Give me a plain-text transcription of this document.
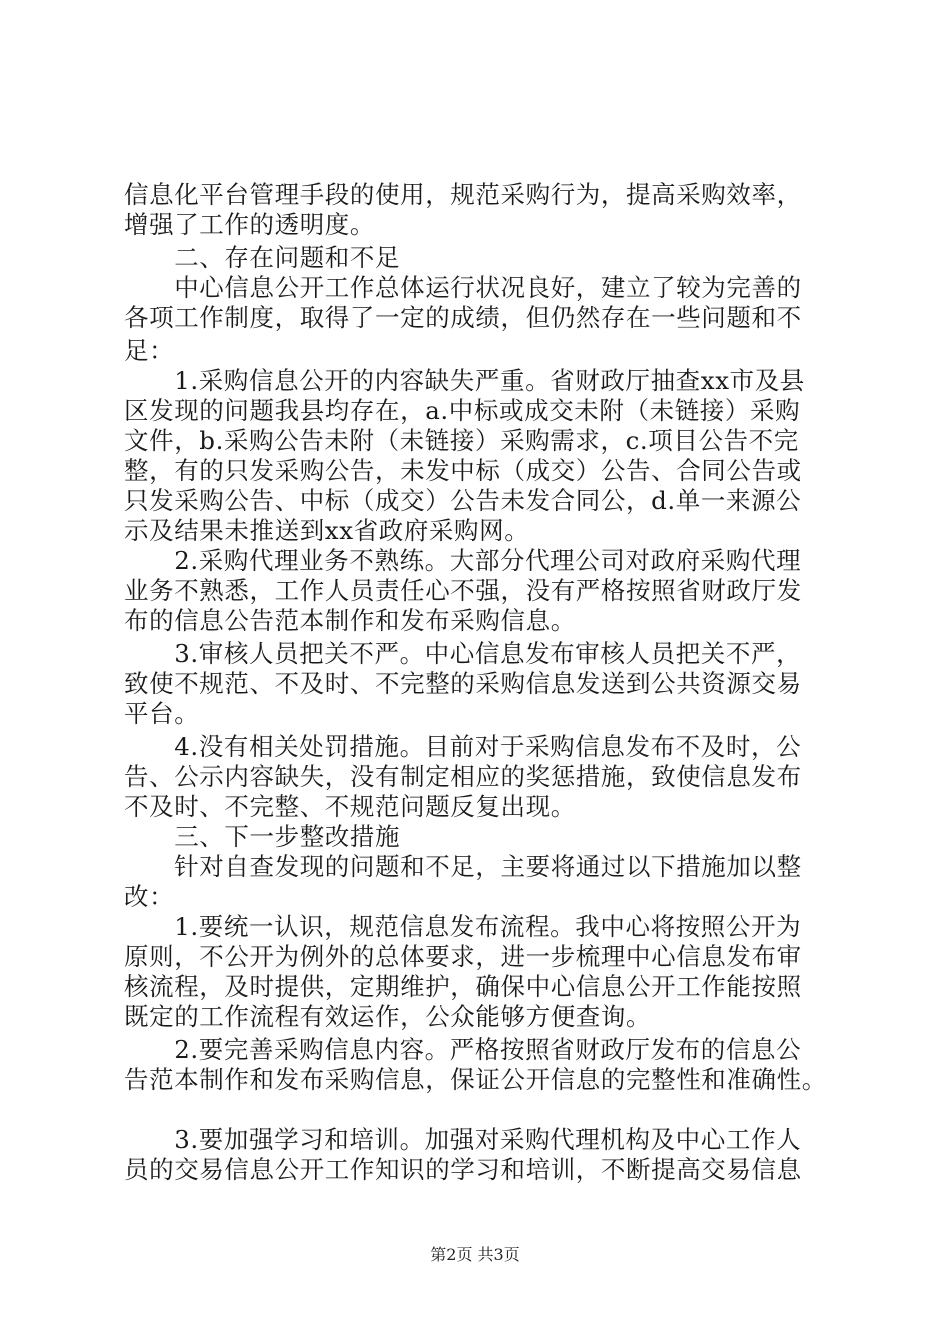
信息化平台管理手段的使用，规范采购行为，提高采购效率，
增强了工作的透明度。
　　二、存在问题和不足
　　中心信息公开工作总体运行状况良好，建立了较为完善的
各项工作制度，取得了一定的成绩，但仍然存在一些问题和不
足：
　　1.采购信息公开的内容缺失严重。省财政厅抽查xx市及县
区发现的问题我县均存在，a.中标或成交未附（未链接）采购
文件，b.采购公告未附（未链接）采购需求，c.项目公告不完
整，有的只发采购公告，未发中标（成交）公告、合同公告或
只发采购公告、中标（成交）公告未发合同公，d.单一来源公
示及结果未推送到xx省政府采购网。
　　2.采购代理业务不熟练。大部分代理公司对政府采购代理
业务不熟悉，工作人员责任心不强，没有严格按照省财政厅发
布的信息公告范本制作和发布采购信息。
　　3.审核人员把关不严。中心信息发布审核人员把关不严，
致使不规范、不及时、不完整的采购信息发送到公共资源交易
平台。
　　4.没有相关处罚措施。目前对于采购信息发布不及时，公
告、公示内容缺失，没有制定相应的奖惩措施，致使信息发布
不及时、不完整、不规范问题反复出现。
　　三、下一步整改措施
　　针对自查发现的问题和不足，主要将通过以下措施加以整
改：
　　1.要统一认识，规范信息发布流程。我中心将按照公开为
原则，不公开为例外的总体要求，进一步梳理中心信息发布审
核流程，及时提供，定期维护，确保中心信息公开工作能按照
既定的工作流程有效运作，公众能够方便查询。
　　2.要完善采购信息内容。严格按照省财政厅发布的信息公
告范本制作和发布采购信息，保证公开信息的完整性和准确性。
　　3.要加强学习和培训。加强对采购代理机构及中心工作人
员的交易信息公开工作知识的学习和培训，不断提高交易信息
第2页 共3页
